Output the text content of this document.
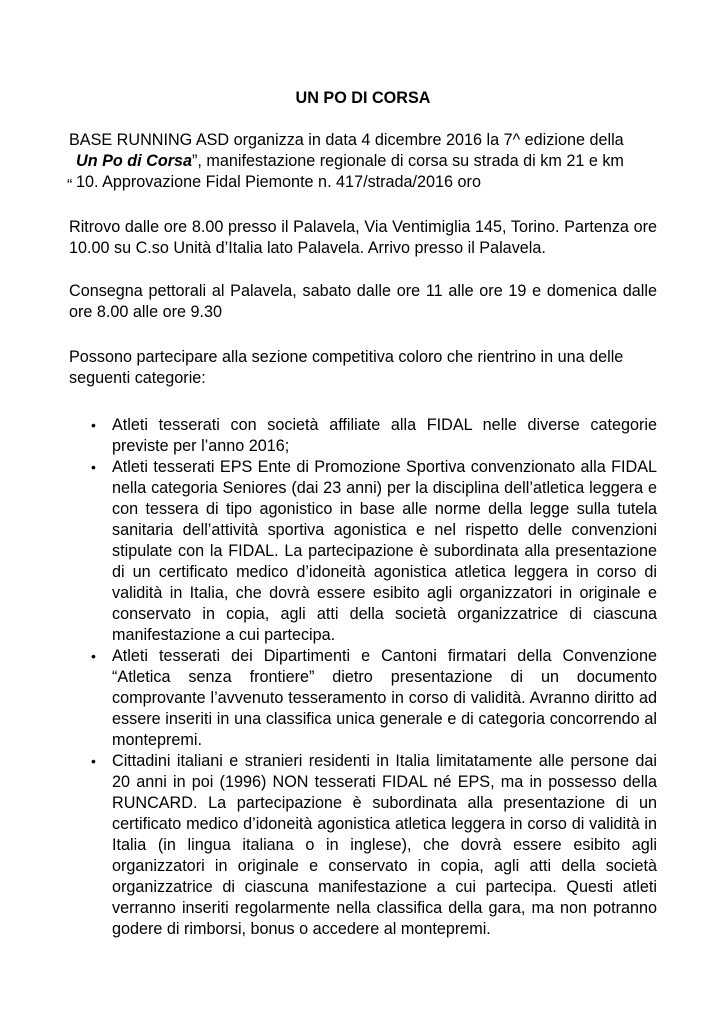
UN PO DI CORSA

BASE RUNNING ASD organizza in data 4 dicembre 2016 la 7^ edizione della
Un Po di Corsa”, manifestazione regionale di corsa su strada di km 21 e km
“ 10. Approvazione Fidal Piemonte n. 417/strada/2016 oro

Ritrovo dalle ore 8.00 presso il Palavela, Via Ventimiglia 145, Torino. Partenza ore 10.00 su C.so Unità d’Italia lato Palavela. Arrivo presso il Palavela.

Consegna pettorali al Palavela, sabato dalle ore 11 alle ore 19 e domenica dalle ore 8.00 alle ore 9.30

Possono partecipare alla sezione competitiva coloro che rientrino in una delle seguenti categorie:

• Atleti tesserati con società affiliate alla FIDAL nelle diverse categorie previste per l’anno 2016;
• Atleti tesserati EPS Ente di Promozione Sportiva convenzionato alla FIDAL nella categoria Seniores (dai 23 anni) per la disciplina dell’atletica leggera e con tessera di tipo agonistico in base alle norme della legge sulla tutela sanitaria dell’attività sportiva agonistica e nel rispetto delle convenzioni stipulate con la FIDAL. La partecipazione è subordinata alla presentazione di un certificato medico d’idoneità agonistica atletica leggera in corso di validità in Italia, che dovrà essere esibito agli organizzatori in originale e conservato in copia, agli atti della società organizzatrice di ciascuna manifestazione a cui partecipa.
• Atleti tesserati dei Dipartimenti e Cantoni firmatari della Convenzione “Atletica senza frontiere” dietro presentazione di un documento comprovante l’avvenuto tesseramento in corso di validità. Avranno diritto ad essere inseriti in una classifica unica generale e di categoria concorrendo al montepremi.
• Cittadini italiani e stranieri residenti in Italia limitatamente alle persone dai 20 anni in poi (1996) NON tesserati FIDAL né EPS, ma in possesso della RUNCARD. La partecipazione è subordinata alla presentazione di un certificato medico d’idoneità agonistica atletica leggera in corso di validità in Italia (in lingua italiana o in inglese), che dovrà essere esibito agli organizzatori in originale e conservato in copia, agli atti della società organizzatrice di ciascuna manifestazione a cui partecipa. Questi atleti verranno inseriti regolarmente nella classifica della gara, ma non potranno godere di rimborsi, bonus o accedere al montepremi.
